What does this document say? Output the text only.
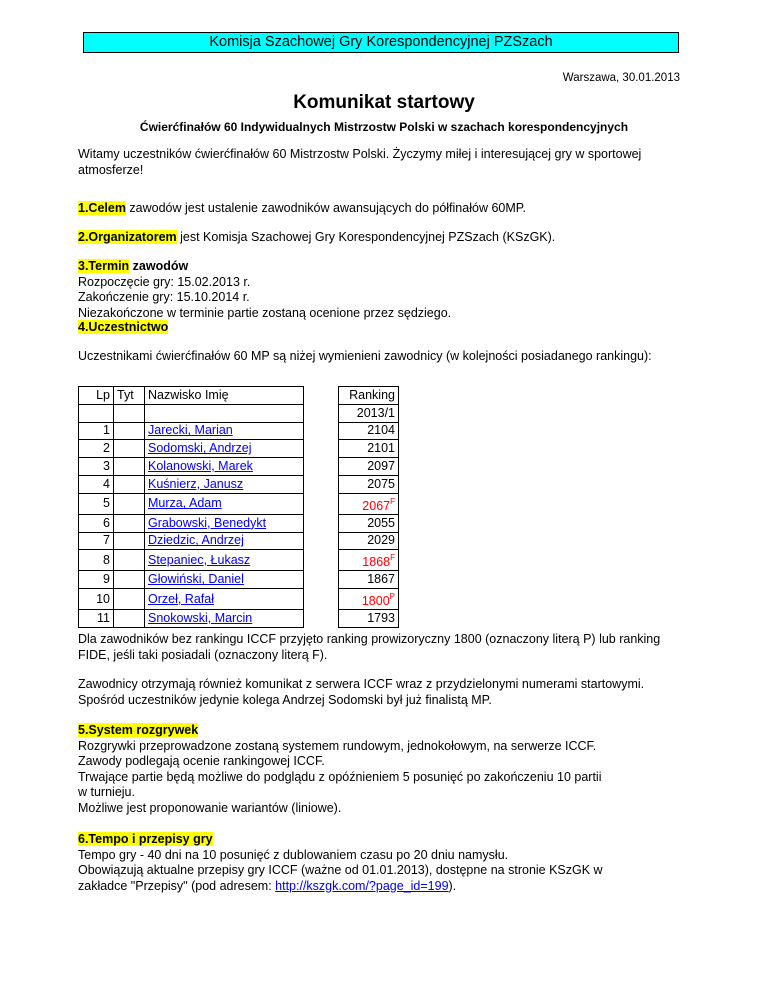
Komisja Szachowej Gry Korespondencyjnej PZSzach
Warszawa, 30.01.2013
Komunikat startowy
Ćwierćfinałów 60 Indywidualnych Mistrzostw Polski w szachach korespondencyjnych
Witamy uczestników ćwierćfinałów 60 Mistrzostw Polski. Życzymy miłej i interesującej gry w sportowej atmosferze!
1.Celem zawodów jest ustalenie zawodników awansujących do półfinałów 60MP.
2.Organizatorem jest Komisja Szachowej Gry Korespondencyjnej PZSzach (KSzGK).
3.Termin zawodów
Rozpoczęcie gry: 15.02.2013 r.
Zakończenie gry: 15.10.2014 r.
Niezakończone w terminie partie zostaną ocenione przez sędziego.
4.Uczestnictwo
Uczestnikami ćwierćfinałów 60 MP są niżej wymienieni zawodnicy (w kolejności posiadanego rankingu):
Lp	Tyt	Nazwisko Imię		Ranking
				2013/1
1		Jarecki, Marian		2104
2		Sodomski, Andrzej		2101
3		Kolanowski, Marek		2097
4		Kuśnierz, Janusz		2075
5		Murza, Adam		$2067^F$
6		Grabowski, Benedykt		2055
7		Dziedzic, Andrzej		2029
8		Stepaniec, Łukasz		$1868^F$
9		Głowiński, Daniel		1867
10		Orzeł, Rafał		$1800^P$
11		Snokowski, Marcin		1793
Dla zawodników bez rankingu ICCF przyjęto ranking prowizoryczny 1800 (oznaczony literą P) lub ranking FIDE, jeśli taki posiadali (oznaczony literą F).
Zawodnicy otrzymają również komunikat z serwera ICCF wraz z przydzielonymi numerami startowymi. Spośród uczestników jedynie kolega Andrzej Sodomski był już finalistą MP.
5.System rozgrywek
Rozgrywki przeprowadzone zostaną systemem rundowym, jednokołowym, na serwerze ICCF.
Zawody podlegają ocenie rankingowej ICCF.
Trwające partie będą możliwe do podglądu z opóźnieniem 5 posunięć po zakończeniu 10 partii
w turnieju.
Możliwe jest proponowanie wariantów (liniowe).
6.Tempo i przepisy gry
Tempo gry - 40 dni na 10 posunięć z dublowaniem czasu po 20 dniu namysłu.
Obowiązują aktualne przepisy gry ICCF (ważne od 01.01.2013), dostępne na stronie KSzGK w
zakładce "Przepisy" (pod adresem: http://kszgk.com/?page_id=199).
